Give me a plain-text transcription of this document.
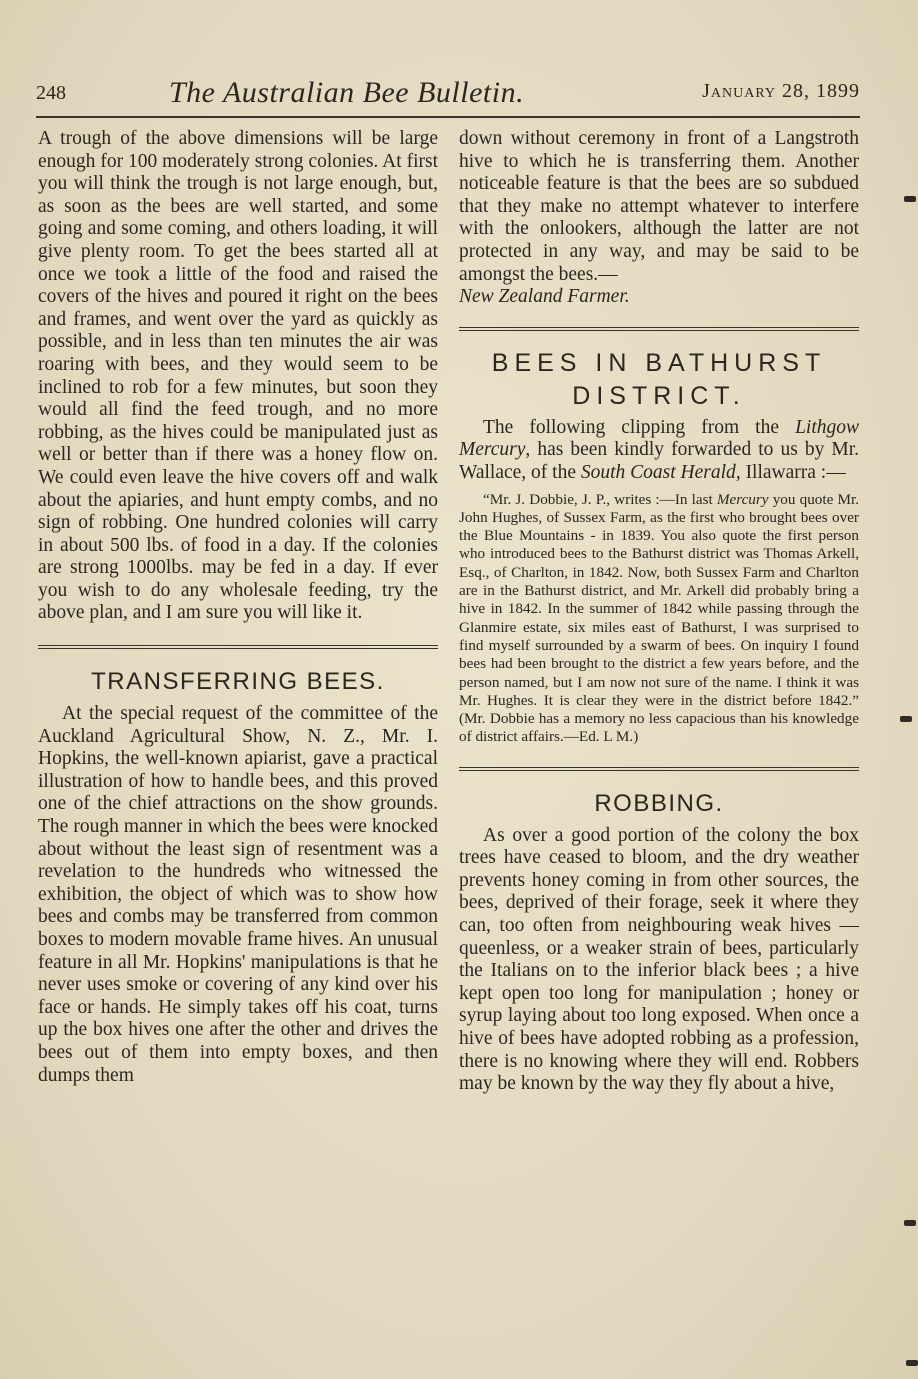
248	The Australian Bee Bulletin.	January 28, 1899

A trough of the above dimensions will be large enough for 100 moderately strong colonies. At first you will think the trough is not large enough, but, as soon as the bees are well started, and some going and some coming, and others loading, it will give plenty room. To get the bees started all at once we took a little of the food and raised the covers of the hives and poured it right on the bees and frames, and went over the yard as quickly as possible, and in less than ten minutes the air was roaring with bees, and they would seem to be inclined to rob for a few minutes, but soon they would all find the feed trough, and no more robbing, as the hives could be manipulated just as well or better than if there was a honey flow on. We could even leave the hive covers off and walk about the apiaries, and hunt empty combs, and no sign of robbing. One hundred colonies will carry in about 500 lbs. of food in a day. If the colonies are strong 1000lbs. may be fed in a day. If ever you wish to do any wholesale feeding, try the above plan, and I am sure you will like it.

TRANSFERRING BEES.

At the special request of the committee of the Auckland Agricultural Show, N. Z., Mr. I. Hopkins, the well-known apiarist, gave a practical illustration of how to handle bees, and this proved one of the chief attractions on the show grounds. The rough manner in which the bees were knocked about without the least sign of resentment was a revelation to the hundreds who witnessed the exhibition, the object of which was to show how bees and combs may be transferred from common boxes to modern movable frame hives. An unusual feature in all Mr. Hopkins' manipulations is that he never uses smoke or covering of any kind over his face or hands. He simply takes off his coat, turns up the box hives one after the other and drives the bees out of them into empty boxes, and then dumps them

down without ceremony in front of a Langstroth hive to which he is transferring them. Another noticeable feature is that the bees are so subdued that they make no attempt whatever to interfere with the onlookers, although the latter are not protected in any way, and may be said to be amongst the bees.—
New Zealand Farmer.

BEES IN BATHURST
DISTRICT.

The following clipping from the Lithgow Mercury, has been kindly forwarded to us by Mr. Wallace, of the South Coast Herald, Illawarra :—

“Mr. J. Dobbie, J. P., writes :—In last Mercury you quote Mr. John Hughes, of Sussex Farm, as the first who brought bees over the Blue Mountains - in 1839. You also quote the first person who introduced bees to the Bathurst district was Thomas Arkell, Esq., of Charlton, in 1842. Now, both Sussex Farm and Charlton are in the Bathurst district, and Mr. Arkell did probably bring a hive in 1842. In the summer of 1842 while passing through the Glanmire estate, six miles east of Bathurst, I was surprised to find myself surrounded by a swarm of bees. On inquiry I found bees had been brought to the district a few years before, and the person named, but I am now not sure of the name. I think it was Mr. Hughes. It is clear they were in the district before 1842.” (Mr. Dobbie has a memory no less capacious than his knowledge of district affairs.—Ed. L M.)

ROBBING.

As over a good portion of the colony the box trees have ceased to bloom, and the dry weather prevents honey coming in from other sources, the bees, deprived of their forage, seek it where they can, too often from neighbouring weak hives —queenless, or a weaker strain of bees, particularly the Italians on to the inferior black bees ; a hive kept open too long for manipulation ; honey or syrup laying about too long exposed. When once a hive of bees have adopted robbing as a profession, there is no knowing where they will end. Robbers may be known by the way they fly about a hive,
